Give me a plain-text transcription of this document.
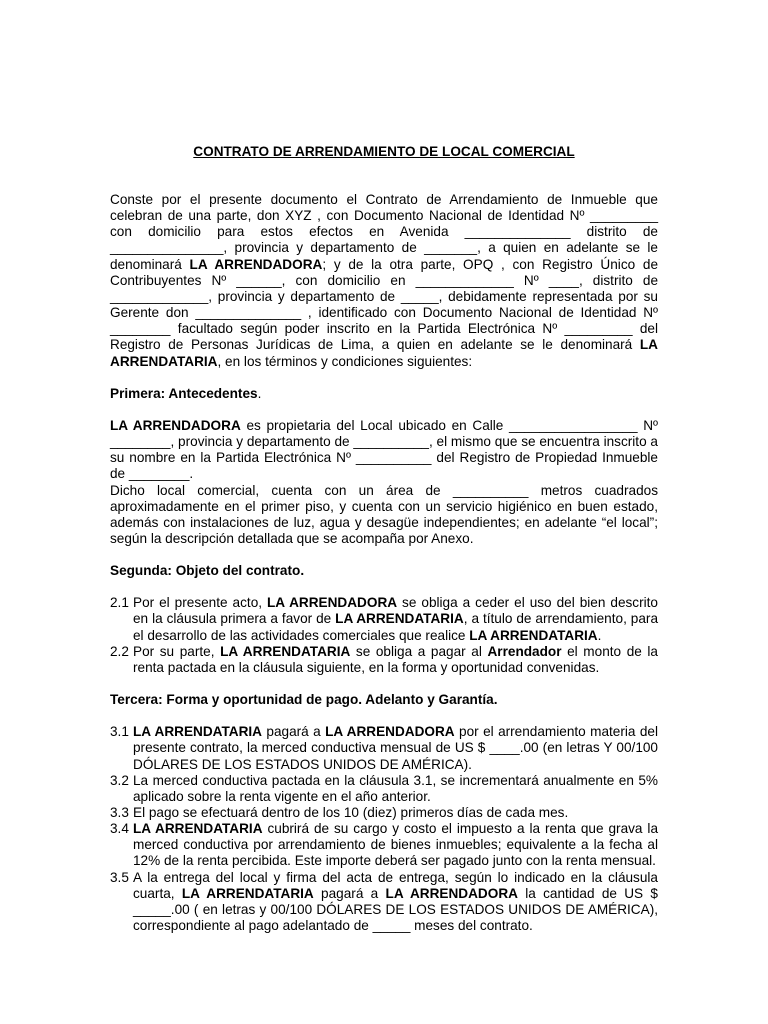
CONTRATO DE ARRENDAMIENTO DE LOCAL COMERCIAL

Conste por el presente documento el Contrato de Arrendamiento de Inmueble que celebran de una parte, don XYZ , con Documento Nacional de Identidad Nº _________ con domicilio para estos efectos en Avenida ______________ distrito de _______________, provincia y departamento de _______, a quien en adelante se le denominará LA ARRENDADORA; y de la otra parte, OPQ , con Registro Único de Contribuyentes Nº ______, con domicilio en _____________ Nº ____, distrito de _____________, provincia y departamento de _____, debidamente representada por su Gerente don ______________ , identificado con Documento Nacional de Identidad Nº ________ facultado según poder inscrito en la Partida Electrónica Nº _________ del Registro de Personas Jurídicas de Lima, a quien en adelante se le denominará LA ARRENDATARIA, en los términos y condiciones siguientes:

Primera: Antecedentes.

LA ARRENDADORA es propietaria del Local ubicado en Calle _________________ Nº ________, provincia y departamento de __________, el mismo que se encuentra inscrito a su nombre en la Partida Electrónica Nº __________ del Registro de Propiedad Inmueble de ________.

Dicho local comercial, cuenta con un área de __________ metros cuadrados aproximadamente en el primer piso, y cuenta con un servicio higiénico en buen estado, además con instalaciones de luz, agua y desagüe independientes; en adelante “el local”; según la descripción detallada que se acompaña por Anexo.

Segunda: Objeto del contrato.

2.1 Por el presente acto, LA ARRENDADORA se obliga a ceder el uso del bien descrito en la cláusula primera a favor de LA ARRENDATARIA, a título de arrendamiento, para el desarrollo de las actividades comerciales que realice LA ARRENDATARIA.
2.2 Por su parte, LA ARRENDATARIA se obliga a pagar al Arrendador el monto de la renta pactada en la cláusula siguiente, en la forma y oportunidad convenidas.

Tercera: Forma y oportunidad de pago. Adelanto y Garantía.

3.1 LA ARRENDATARIA pagará a LA ARRENDADORA por el arrendamiento materia del presente contrato, la merced conductiva mensual de US $ ____.00 (en letras Y 00/100 DÓLARES DE LOS ESTADOS UNIDOS DE AMÉRICA).
3.2 La merced conductiva pactada en la cláusula 3.1, se incrementará anualmente en 5% aplicado sobre la renta vigente en el año anterior.
3.3 El pago se efectuará dentro de los 10 (diez) primeros días de cada mes.
3.4 LA ARRENDATARIA cubrirá de su cargo y costo el impuesto a la renta que grava la merced conductiva por arrendamiento de bienes inmuebles; equivalente a la fecha al 12% de la renta percibida. Este importe deberá ser pagado junto con la renta mensual.
3.5 A la entrega del local y firma del acta de entrega, según lo indicado en la cláusula cuarta, LA ARRENDATARIA pagará a LA ARRENDADORA la cantidad de US $ _____.00 ( en letras y 00/100 DÓLARES DE LOS ESTADOS UNIDOS DE AMÉRICA), correspondiente al pago adelantado de _____ meses del contrato.
